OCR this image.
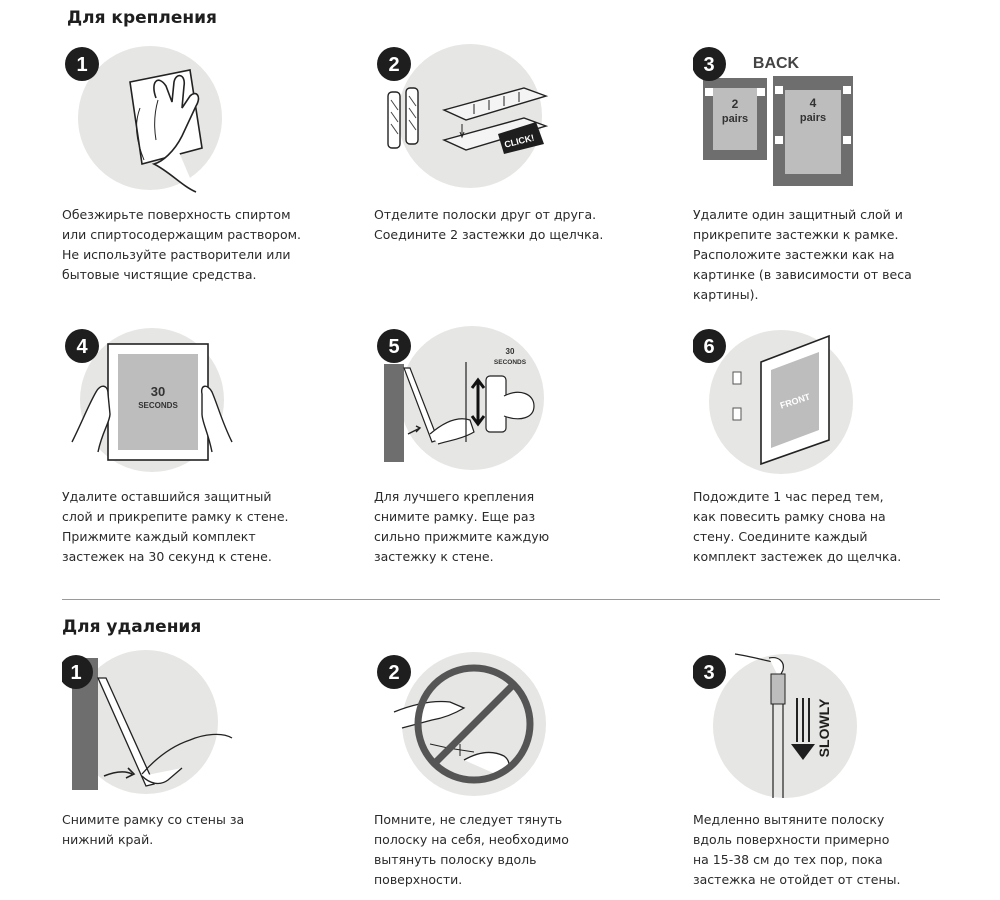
Для крепления
1
Обезжирьте поверхность спиртом
или спиртосодержащим раствором.
Не используйте растворители или
бытовые чистящие средства.
CLICK!
2
Отделите полоски друг от друга.
Соедините 2 застежки до щелчка.
BACK
2
pairs
4
pairs
3
Удалите один защитный слой и
прикрепите застежки к рамке.
Расположите застежки как на
картинке (в зависимости от веса
картины).
30
SECONDS
4
Удалите оставшийся защитный
слой и прикрепите рамку к стене.
Прижмите каждый комплект
застежек на 30 секунд к стене.
30
SECONDS
5
Для лучшего крепления
снимите рамку. Еще раз
сильно прижмите каждую
застежку к стене.
FRONT
6
Подождите 1 час перед тем,
как повесить рамку снова на
стену. Соедините каждый
комплект застежек до щелчка.
Для удаления
1
Снимите рамку со стены за
нижний край.
2
Помните, не следует тянуть
полоску на себя, необходимо
вытянуть полоску вдоль
поверхности.
SLOWLY
3
Медленно вытяните полоску
вдоль поверхности примерно
на 15-38 см до тех пор, пока
застежка не отойдет от стены.
